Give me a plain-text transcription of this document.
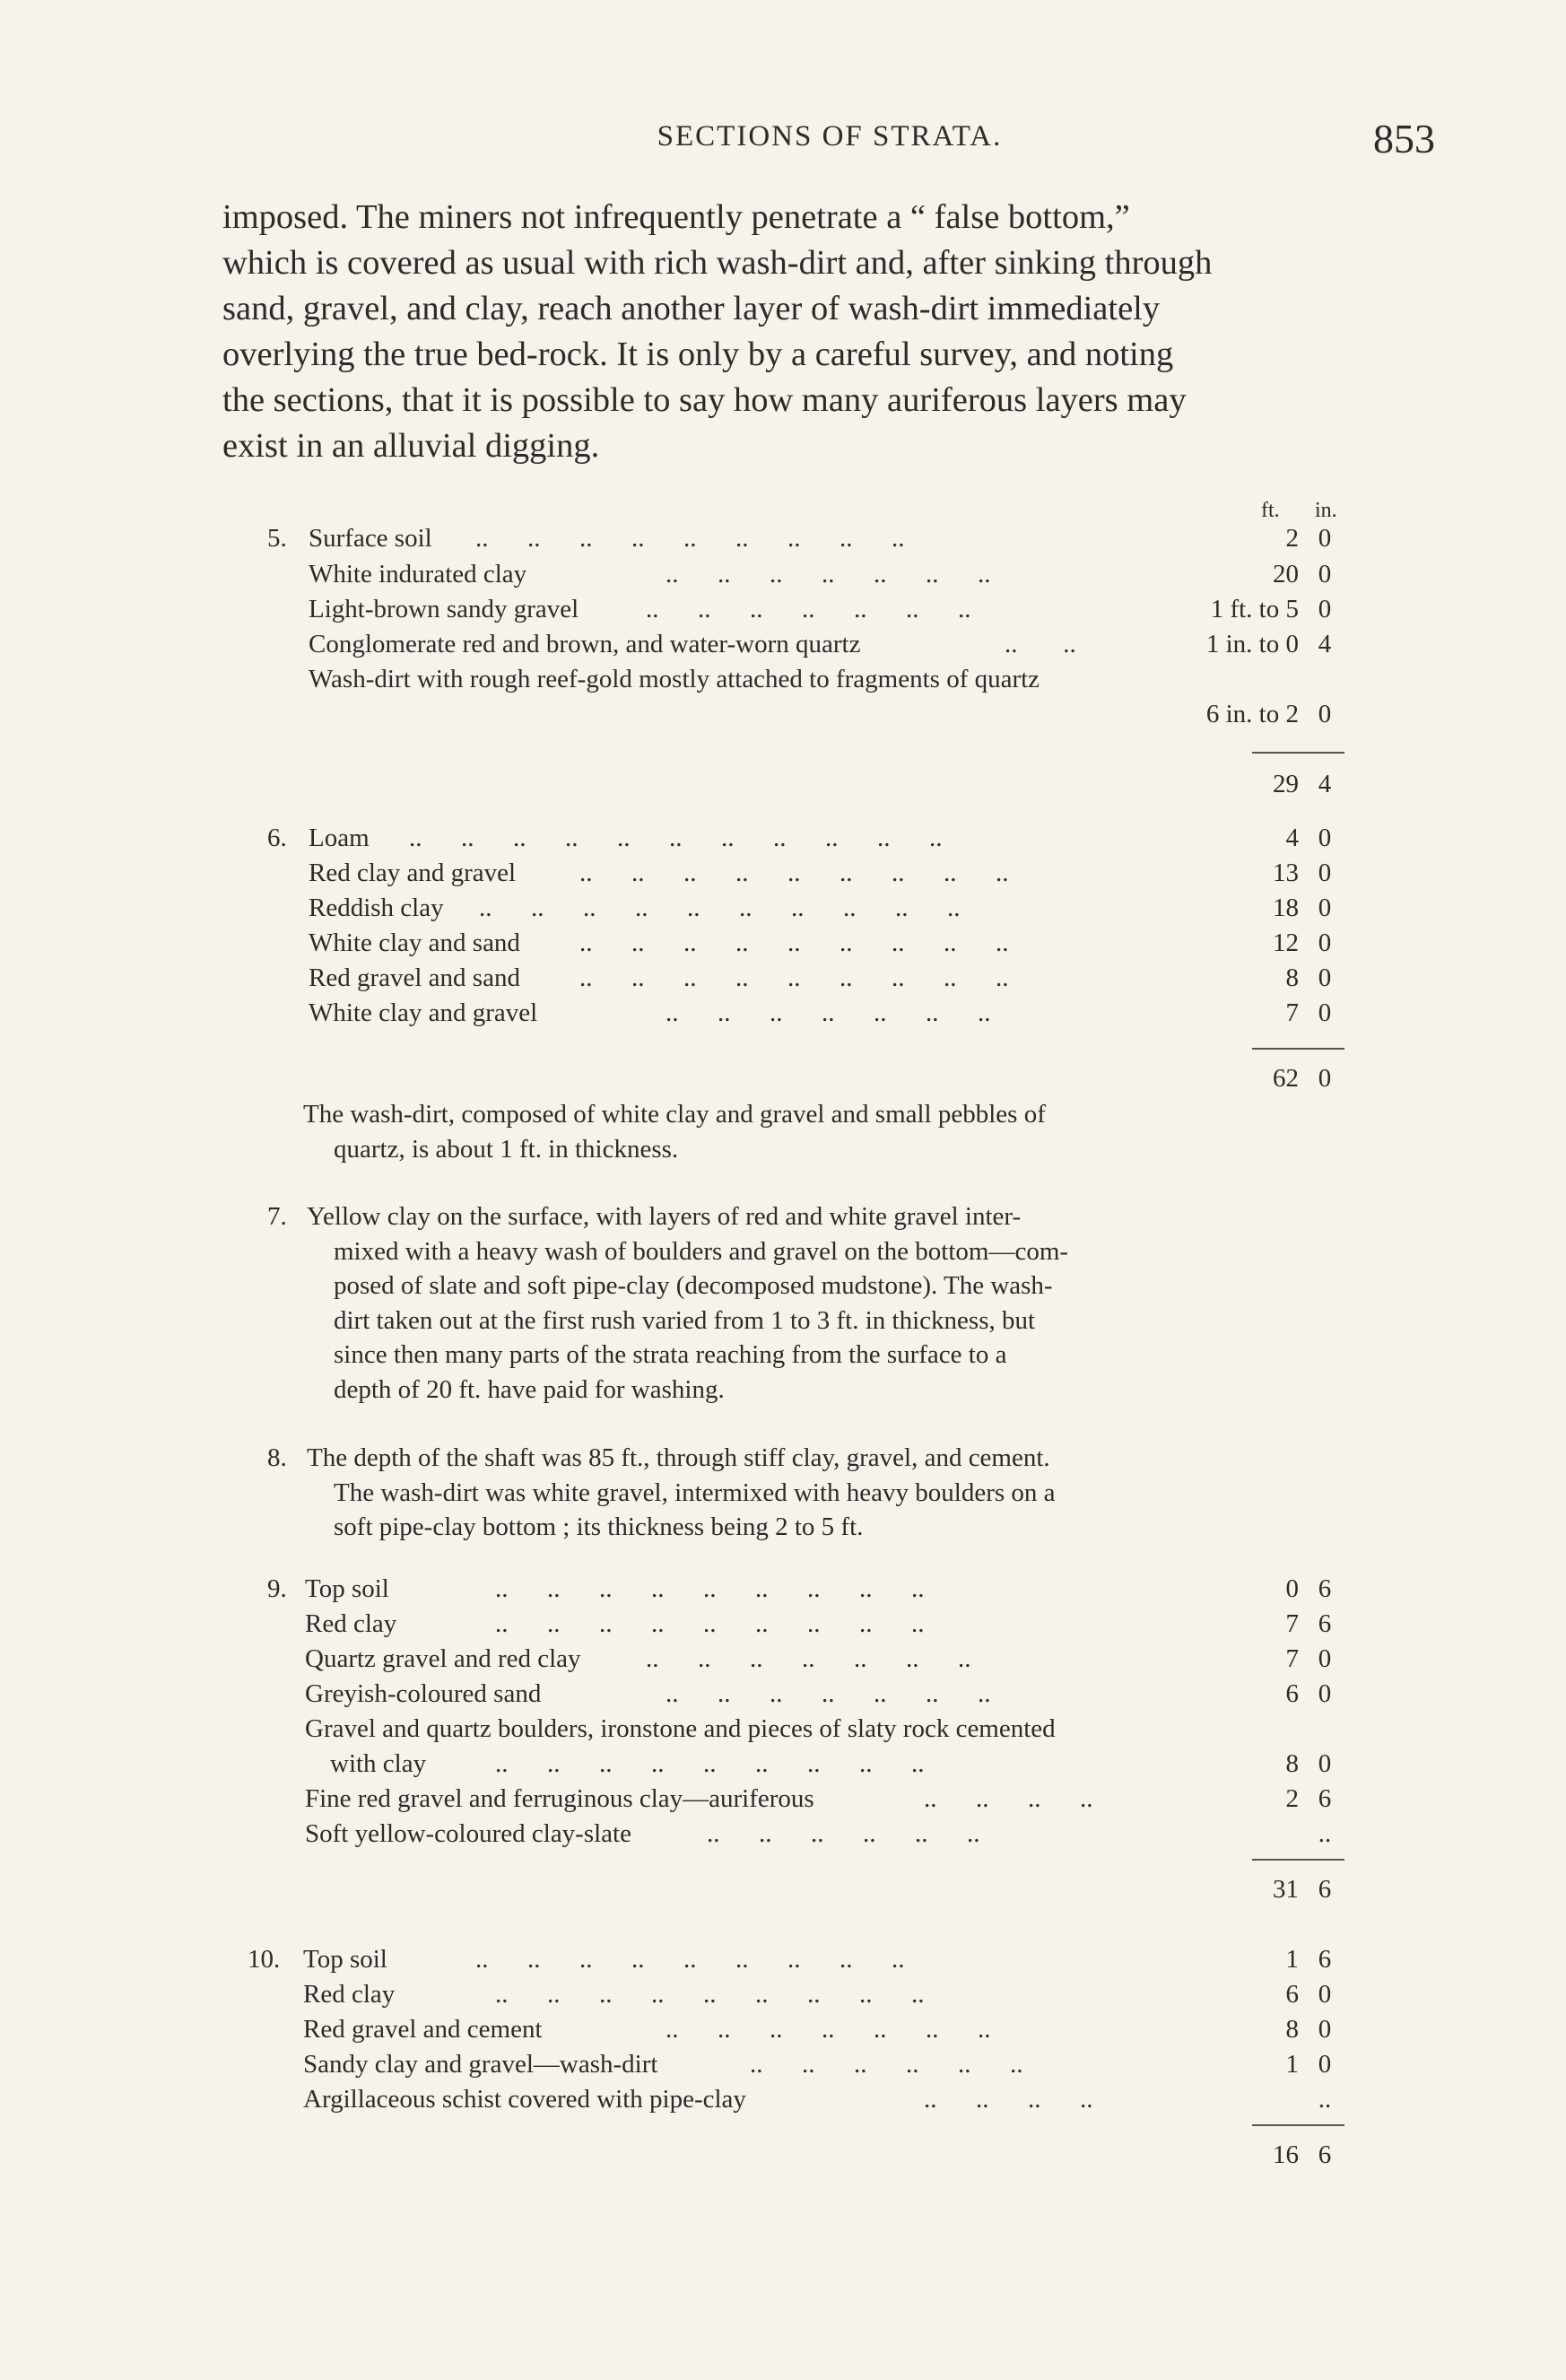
SECTIONS OF STRATA.	853

imposed. The miners not infrequently penetrate a “ false bottom,”

which is covered as usual with rich wash-dirt and, after sinking through

sand, gravel, and clay, reach another layer of wash-dirt immediately

overlying the true bed-rock. It is only by a careful survey, and noting

the sections, that it is possible to say how many auriferous layers may

exist in an alluvial digging.

ft. in.
5. Surface soil ..      ..      ..      ..      ..      ..      ..      ..      ..	2 0
White indurated clay	..      ..      ..      ..      ..      ..      ..	20 0
Light-brown sandy gravel	..      ..      ..      ..      ..      ..      ..	1 ft. to 5 0
Conglomerate red and brown, and water-worn quartz	..       ..	1 in. to 0 4
Wash-dirt with rough reef-gold mostly attached to fragments of quartz
6 in. to 2 0
29 4
6. Loam ..      ..      ..      ..      ..      ..      ..      ..      ..      ..      ..	4 0
Red clay and gravel ..      ..      ..      ..      ..      ..      ..      ..      ..	13 0
Reddish clay ..      ..      ..      ..      ..      ..      ..      ..      ..      ..	18 0
White clay and sand ..      ..      ..      ..      ..      ..      ..      ..      ..	12 0
Red gravel and sand ..      ..      ..      ..      ..      ..      ..      ..      ..	8 0
White clay and gravel	..      ..      ..      ..      ..      ..      ..	7 0
62 0
The wash-dirt, composed of white clay and gravel and small pebbles of
quartz, is about 1 ft. in thickness.
7. Yellow clay on the surface, with layers of red and white gravel inter-
mixed with a heavy wash of boulders and gravel on the bottom—com-
posed of slate and soft pipe-clay (decomposed mudstone). The wash-
dirt taken out at the first rush varied from 1 to 3 ft. in thickness, but
since then many parts of the strata reaching from the surface to a
depth of 20 ft. have paid for washing.
8. The depth of the shaft was 85 ft., through stiff clay, gravel, and cement.
The wash-dirt was white gravel, intermixed with heavy boulders on a
soft pipe-clay bottom ; its thickness being 2 to 5 ft.
9. Top soil	..      ..      ..      ..      ..      ..      ..      ..      ..	0 6
Red clay	..      ..      ..      ..      ..      ..      ..      ..      ..	7 6
Quartz gravel and red clay ..      ..      ..      ..      ..      ..      ..	7 0
Greyish-coloured sand	..      ..      ..      ..      ..      ..      ..	6 0
Gravel and quartz boulders, ironstone and pieces of slaty rock cemented
with clay	..      ..      ..      ..      ..      ..      ..      ..      ..	8 0
Fine red gravel and ferruginous clay—auriferous	..      ..      ..      ..	2 6
Soft yellow-coloured clay-slate	..      ..      ..      ..      ..      ..	..
31 6
10. Top soil	..      ..      ..      ..      ..      ..      ..      ..      ..	1 6
Red clay	..      ..      ..      ..      ..      ..      ..      ..      ..	6 0
Red gravel and cement	..      ..      ..      ..      ..      ..      ..	8 0
Sandy clay and gravel—wash-dirt	..      ..      ..      ..      ..      ..	1 0
Argillaceous schist covered with pipe-clay	..      ..      ..      ..	..
16 6
